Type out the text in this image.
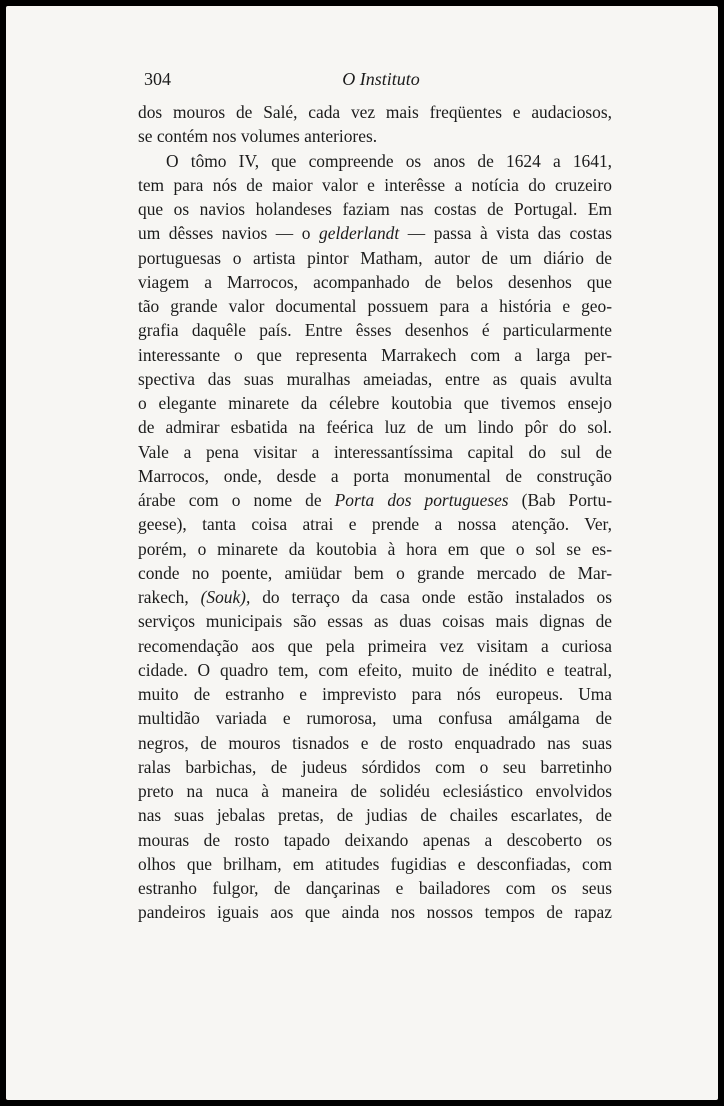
304	O Instituto
dos mouros de Salé, cada vez mais freqüentes e audaciosos,
se contém nos volumes anteriores.
O tômo IV, que compreende os anos de 1624 a 1641,
tem para nós de maior valor e interêsse a notícia do cruzeiro
que os navios holandeses faziam nas costas de Portugal. Em
um dêsses navios — o gelderlandt — passa à vista das costas
portuguesas o artista pintor Matham, autor de um diário de
viagem a Marrocos, acompanhado de belos desenhos que
tão grande valor documental possuem para a história e geo-
grafia daquêle país. Entre êsses desenhos é particularmente
interessante o que representa Marrakech com a larga per-
spectiva das suas muralhas ameiadas, entre as quais avulta
o elegante minarete da célebre koutobia que tivemos ensejo
de admirar esbatida na feérica luz de um lindo pôr do sol.
Vale a pena visitar a interessantíssima capital do sul de
Marrocos, onde, desde a porta monumental de construção
árabe com o nome de Porta dos portugueses (Bab Portu-
geese), tanta coisa atrai e prende a nossa atenção. Ver,
porém, o minarete da koutobia à hora em que o sol se es-
conde no poente, amiüdar bem o grande mercado de Mar-
rakech, (Souk), do terraço da casa onde estão instalados os
serviços municipais são essas as duas coisas mais dignas de
recomendação aos que pela primeira vez visitam a curiosa
cidade. O quadro tem, com efeito, muito de inédito e teatral,
muito de estranho e imprevisto para nós europeus. Uma
multidão variada e rumorosa, uma confusa amálgama de
negros, de mouros tisnados e de rosto enquadrado nas suas
ralas barbichas, de judeus sórdidos com o seu barretinho
preto na nuca à maneira de solidéu eclesiástico envolvidos
nas suas jebalas pretas, de judias de chailes escarlates, de
mouras de rosto tapado deixando apenas a descoberto os
olhos que brilham, em atitudes fugidias e desconfiadas, com
estranho fulgor, de dançarinas e bailadores com os seus
pandeiros iguais aos que ainda nos nossos tempos de rapaz
